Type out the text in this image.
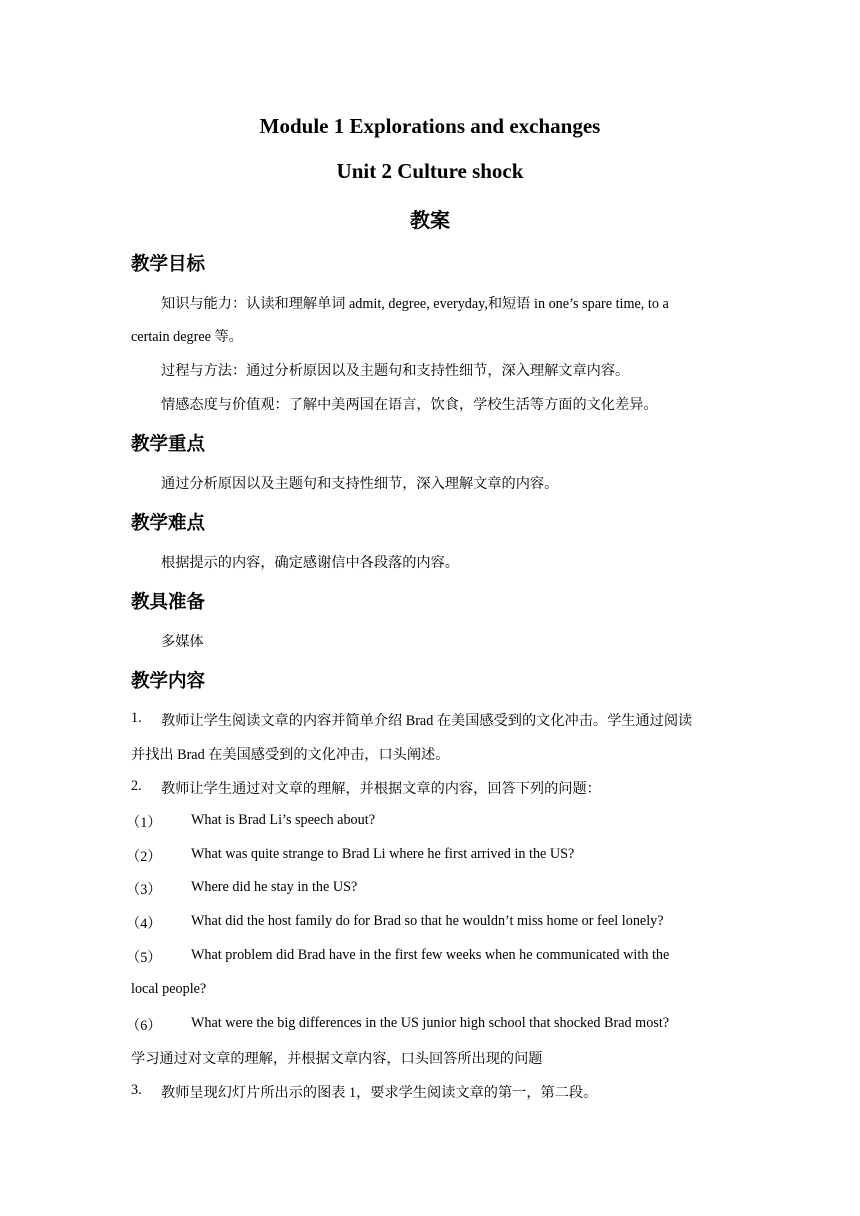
Module 1 Explorations and exchanges
Unit 2 Culture shock
教案
教学目标
知识与能力：认读和理解单词 admit, degree, everyday,和短语 in one’s spare time, to a
certain degree 等。
过程与方法：通过分析原因以及主题句和支持性细节，深入理解文章内容。
情感态度与价值观：了解中美两国在语言，饮食，学校生活等方面的文化差异。
教学重点
通过分析原因以及主题句和支持性细节，深入理解文章的内容。
教学难点
根据提示的内容，确定感谢信中各段落的内容。
教具准备
多媒体
教学内容
1. 教师让学生阅读文章的内容并简单介绍 Brad 在美国感受到的文化冲击。学生通过阅读
并找出 Brad 在美国感受到的文化冲击，口头阐述。
2. 教师让学生通过对文章的理解，并根据文章的内容，回答下列的问题：
（1） What is Brad Li’s speech about?
（2） What was quite strange to Brad Li where he first arrived in the US?
（3） Where did he stay in the US?
（4） What did the host family do for Brad so that he wouldn’t miss home or feel lonely?
（5） What problem did Brad have in the first few weeks when he communicated with the
local people?
（6） What were the big differences in the US junior high school that shocked Brad most?
学习通过对文章的理解，并根据文章内容，口头回答所出现的问题
3. 教师呈现幻灯片所出示的图表 1，要求学生阅读文章的第一，第二段。
